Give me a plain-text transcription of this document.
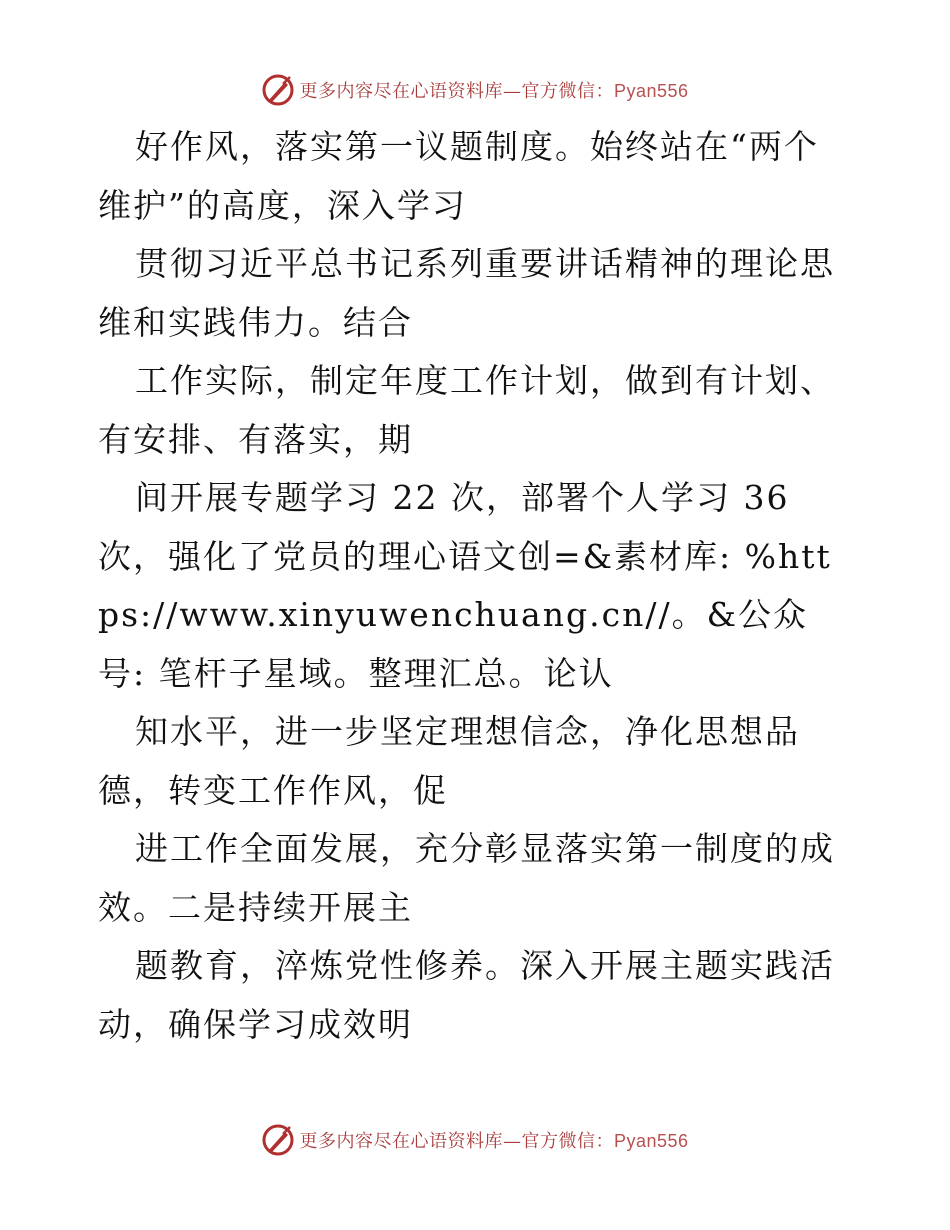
更多内容尽在心语资料库—官方微信：Pyan556

好作风，落实第一议题制度。始终站在“两个维护”的高度，深入学习

贯彻习近平总书记系列重要讲话精神的理论思维和实践伟力。结合

工作实际，制定年度工作计划，做到有计划、有安排、有落实，期

间开展专题学习 22 次，部署个人学习 36 次，强化了党员的理心语文创=&素材库: %https://www.xinyuwenchuang.cn//。&公众号: 笔杆子星域。整理汇总。论认

知水平，进一步坚定理想信念，净化思想品德，转变工作作风，促

进工作全面发展，充分彰显落实第一制度的成效。二是持续开展主

题教育，淬炼党性修养。深入开展主题实践活动，确保学习成效明

更多内容尽在心语资料库—官方微信：Pyan556
